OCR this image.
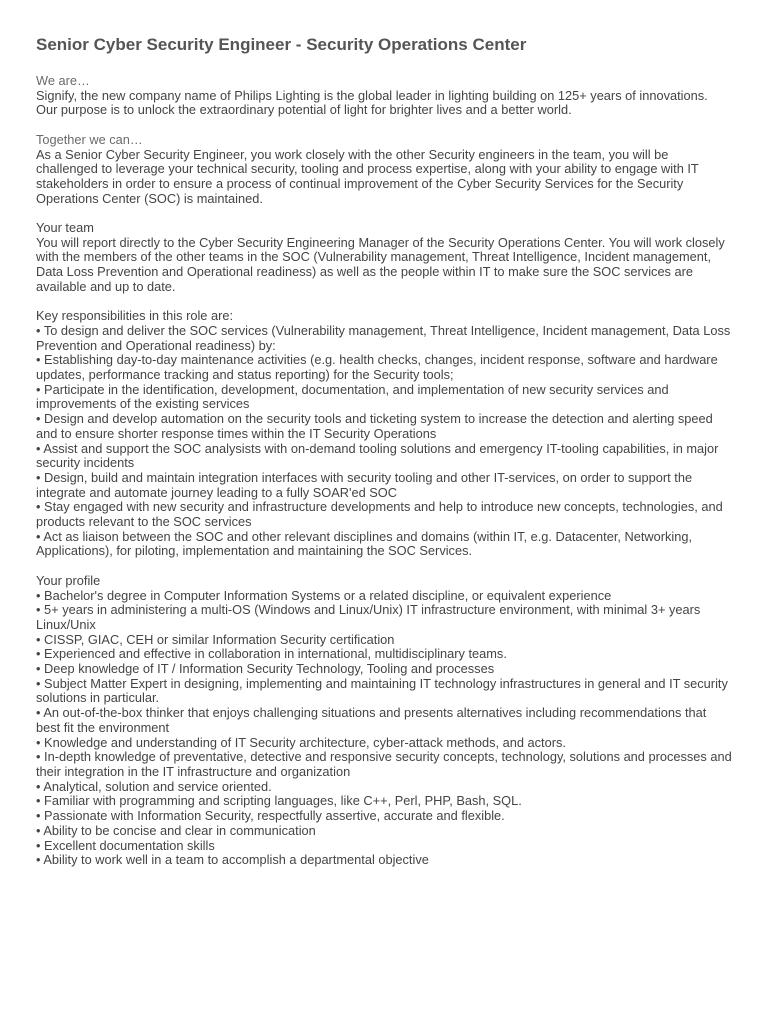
Senior Cyber Security Engineer - Security Operations Center

We are…

Signify, the new company name of Philips Lighting is the global leader in lighting building on 125+ years of innovations.

Our purpose is to unlock the extraordinary potential of light for brighter lives and a better world.

Together we can…

As a Senior Cyber Security Engineer, you work closely with the other Security engineers in the team, you will be challenged to leverage your technical security, tooling and process expertise, along with your ability to engage with IT stakeholders in order to ensure a process of continual improvement of the Cyber Security Services for the Security Operations Center (SOC) is maintained.

Your team

You will report directly to the Cyber Security Engineering Manager of the Security Operations Center. You will work closely with the members of the other teams in the SOC (Vulnerability management, Threat Intelligence, Incident management, Data Loss Prevention and Operational readiness) as well as the people within IT to make sure the SOC services are available and up to date.

Key responsibilities in this role are:

• To design and deliver the SOC services (Vulnerability management, Threat Intelligence, Incident management, Data Loss Prevention and Operational readiness) by:
• Establishing day-to-day maintenance activities (e.g. health checks, changes, incident response, software and hardware updates, performance tracking and status reporting) for the Security tools;
• Participate in the identification, development, documentation, and implementation of new security services and improvements of the existing services
• Design and develop automation on the security tools and ticketing system to increase the detection and alerting speed and to ensure shorter response times within the IT Security Operations
• Assist and support the SOC analysists with on-demand tooling solutions and emergency IT-tooling capabilities, in major security incidents
• Design, build and maintain integration interfaces with security tooling and other IT-services, on order to support the integrate and automate journey leading to a fully SOAR'ed SOC
• Stay engaged with new security and infrastructure developments and help to introduce new concepts, technologies, and products relevant to the SOC services
• Act as liaison between the SOC and other relevant disciplines and domains (within IT, e.g. Datacenter, Networking, Applications), for piloting, implementation and maintaining the SOC Services.

Your profile

• Bachelor's degree in Computer Information Systems or a related discipline, or equivalent experience
• 5+ years in administering a multi-OS (Windows and Linux/Unix) IT infrastructure environment, with minimal 3+ years Linux/Unix
• CISSP, GIAC, CEH or similar Information Security certification
• Experienced and effective in collaboration in international, multidisciplinary teams.
• Deep knowledge of IT / Information Security Technology, Tooling and processes
• Subject Matter Expert in designing, implementing and maintaining IT technology infrastructures in general and IT security solutions in particular.
• An out-of-the-box thinker that enjoys challenging situations and presents alternatives including recommendations that best fit the environment
• Knowledge and understanding of IT Security architecture, cyber-attack methods, and actors.
• In-depth knowledge of preventative, detective and responsive security concepts, technology, solutions and processes and their integration in the IT infrastructure and organization
• Analytical, solution and service oriented.
• Familiar with programming and scripting languages, like C++, Perl, PHP, Bash, SQL.
• Passionate with Information Security, respectfully assertive, accurate and flexible.
• Ability to be concise and clear in communication
• Excellent documentation skills
• Ability to work well in a team to accomplish a departmental objective
